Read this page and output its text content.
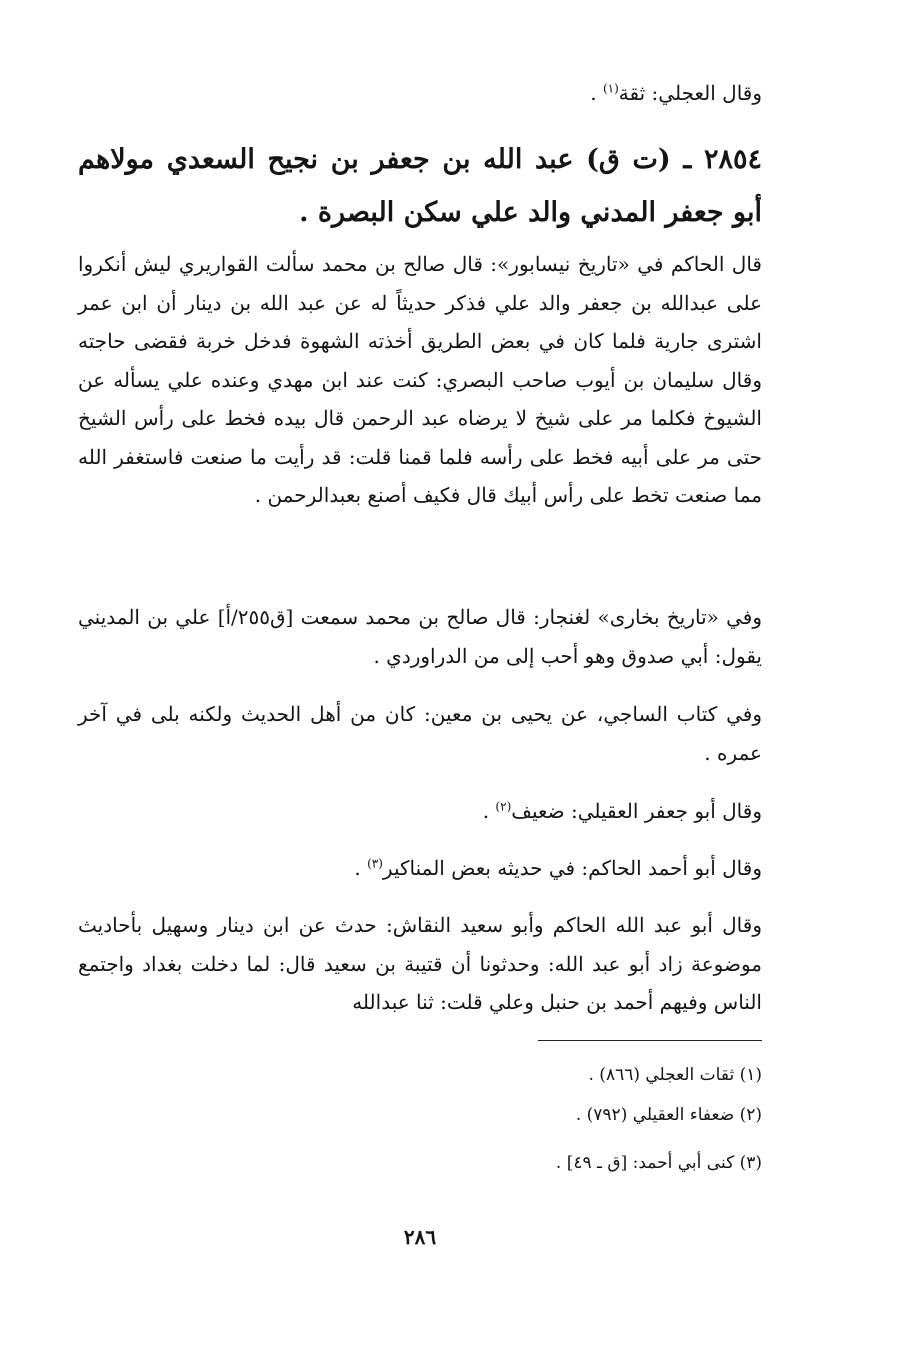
وقال العجلي: ثقة$^{(١)}$ .

٢٨٥٤ ـ (ت ق) عبد الله بن جعفر بن نجيح السعدي مولاهم أبو جعفر المدني والد علي سكن البصرة .

قال الحاكم في «تاريخ نيسابور»: قال صالح بن محمد سألت القواريري ليش أنكروا على عبدالله بن جعفر والد علي فذكر حديثاً له عن عبد الله بن دينار أن ابن عمر اشترى جارية فلما كان في بعض الطريق أخذته الشهوة فدخل خربة فقضى حاجته وقال سليمان بن أيوب صاحب البصري: كنت عند ابن مهدي وعنده علي يسأله عن الشيوخ فكلما مر على شيخ لا يرضاه عبد الرحمن قال بيده فخط على رأس الشيخ حتى مر على أبيه فخط على رأسه فلما قمنا قلت: قد رأيت ما صنعت فاستغفر الله مما صنعت تخط على رأس أبيك قال فكيف أصنع بعبدالرحمن .

وفي «تاريخ بخارى» لغنجار: قال صالح بن محمد سمعت [ق٢٥٥/أ] علي بن المديني يقول: أبي صدوق وهو أحب إلى من الدراوردي .

وفي كتاب الساجي، عن يحيى بن معين: كان من أهل الحديث ولكنه بلى في آخر عمره .

وقال أبو جعفر العقيلي: ضعيف$^{(٢)}$ .

وقال أبو أحمد الحاكم: في حديثه بعض المناكير$^{(٣)}$ .

وقال أبو عبد الله الحاكم وأبو سعيد النقاش: حدث عن ابن دينار وسهيل بأحاديث موضوعة زاد أبو عبد الله: وحدثونا أن قتيبة بن سعيد قال: لما دخلت بغداد واجتمع الناس وفيهم أحمد بن حنبل وعلي قلت: ثنا عبدالله

(١) ثقات العجلي (٨٦٦) .
(٢) ضعفاء العقيلي (٧٩٢) .
(٣) كنى أبي أحمد: [ق ـ ٤٩] .
٢٨٦
